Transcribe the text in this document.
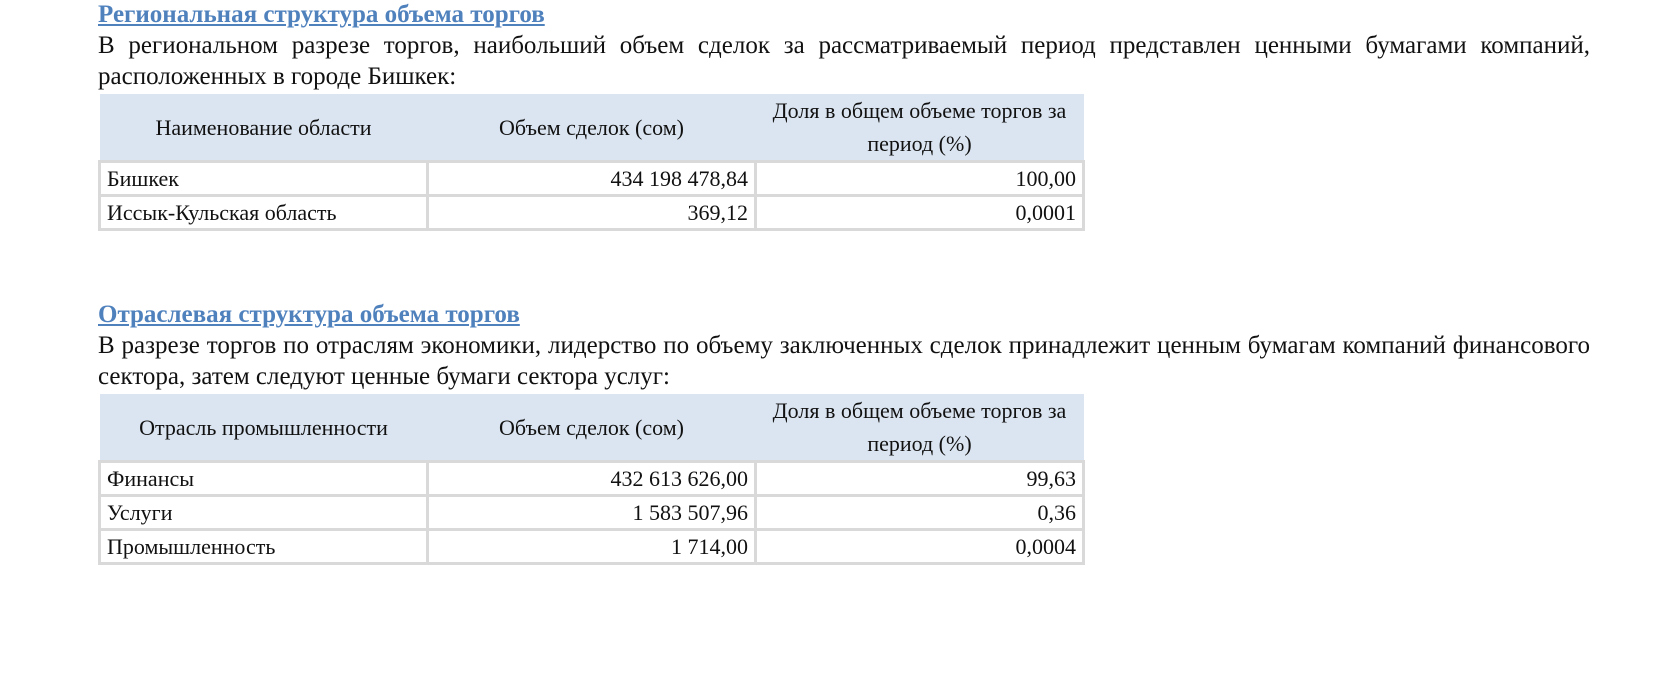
Региональная структура объема торгов

В региональном разрезе торгов, наибольший объем сделок за рассматриваемый период представлен ценными бумагами компаний, расположенных в городе Бишкек:

Наименование области	Объем сделок (сом)	Доля в общем объеме торгов за период (%)
Бишкек	434 198 478,84	100,00
Иссык-Кульская область	369,12	0,0001
Отраслевая структура объема торгов

В разрезе торгов по отраслям экономики, лидерство по объему заключенных сделок принадлежит ценным бумагам компаний финансового сектора, затем следуют ценные бумаги сектора услуг:

Отрасль промышленности	Объем сделок (сом)	Доля в общем объеме торгов за период (%)
Финансы	432 613 626,00	99,63
Услуги	1 583 507,96	0,36
Промышленность	1 714,00	0,0004
